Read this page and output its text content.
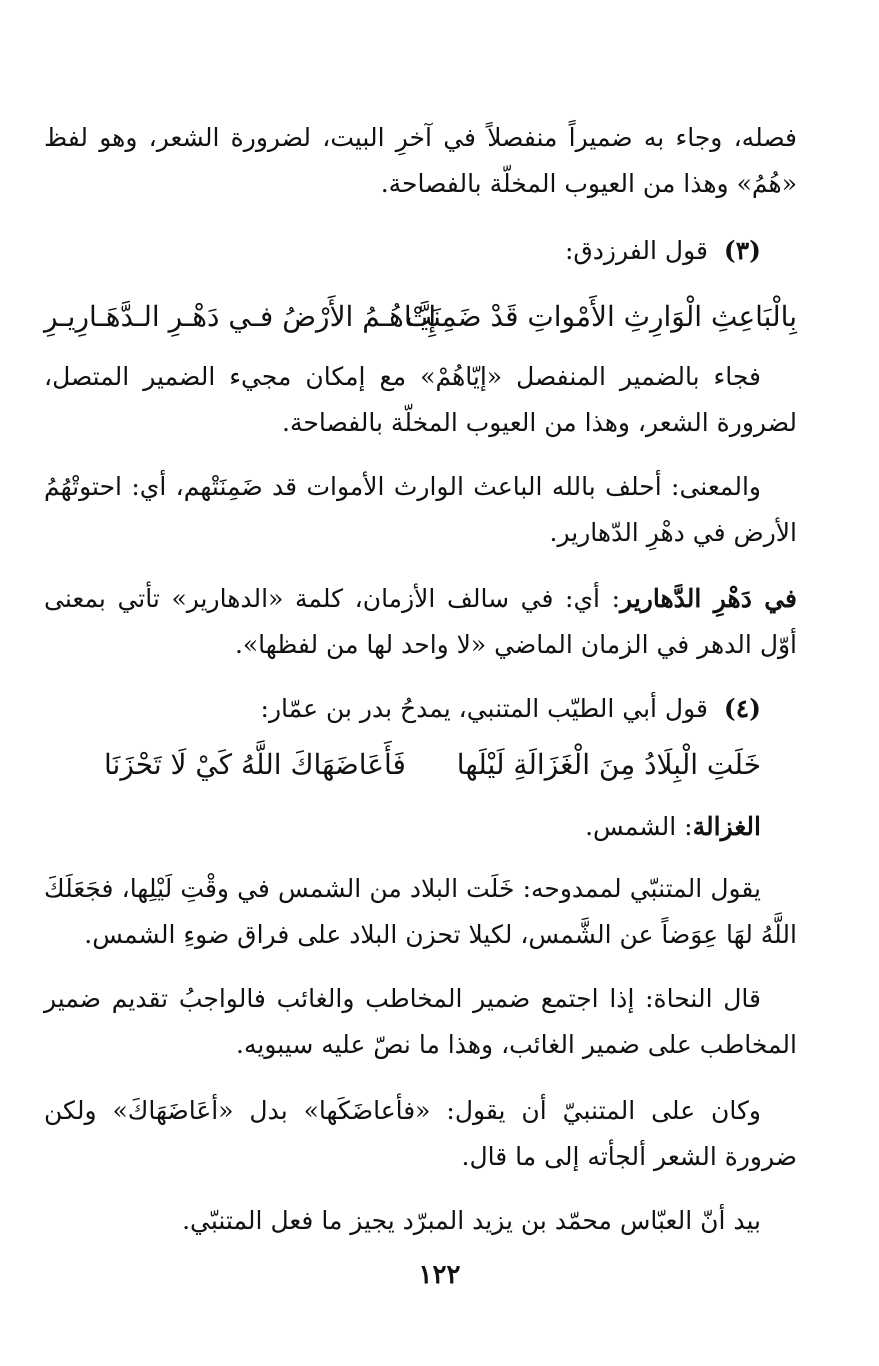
فصله، وجاء به ضميراً منفصلاً في آخرِ البيت، لضرورة الشعر، وهو لفظ «هُمُ» وهذا من العيوب المخلّة بالفصاحة.

(٣)  قول الفرزدق:

بِالْبَاعِثِ الْوَارِثِ الأَمْواتِ قَدْ ضَمِنَتْ
إِيَّـاهُـمُ الأَرْضُ فـي دَهْـرِ الـدَّهَـارِيـرِ

فجاء بالضمير المنفصل «إيّاهُمْ» مع إمكان مجيء الضمير المتصل، لضرورة الشعر، وهذا من العيوب المخلّة بالفصاحة.

والمعنى: أحلف بالله الباعث الوارث الأموات قد ضَمِنَتْهم، أي: احتوتْهُمُ الأرض في دهْرِ الدّهارير.

في دَهْرِ الدَّهارير: أي: في سالف الأزمان، كلمة «الدهارير» تأتي بمعنى أوّل الدهر في الزمان الماضي «لا واحد لها من لفظها».

(٤)  قول أبي الطيّب المتنبي، يمدحُ بدر بن عمّار:

خَلَتِ الْبِلَادُ مِنَ الْغَزَالَةِ لَيْلَها
فَأَعَاضَهَاكَ اللَّهُ كَيْ لَا تَحْزَنَا

الغزالة: الشمس.

يقول المتنبّي لممدوحه: خَلَت البلاد من الشمس في وقْتِ لَيْلِها، فجَعَلَكَ اللَّهُ لهَا عِوَضاً عن الشَّمس، لكيلا تحزن البلاد على فراق ضوءِ الشمس.

قال النحاة: إذا اجتمع ضمير المخاطب والغائب فالواجبُ تقديم ضمير المخاطب على ضمير الغائب، وهذا ما نصّ عليه سيبويه.

وكان على المتنبيّ أن يقول: «فأعاضَكَها» بدل «أعَاضَهَاكَ» ولكن ضرورة الشعر ألجأته إلى ما قال.

بيد أنّ العبّاس محمّد بن يزيد المبرّد يجيز ما فعل المتنبّي.

١٢٢
